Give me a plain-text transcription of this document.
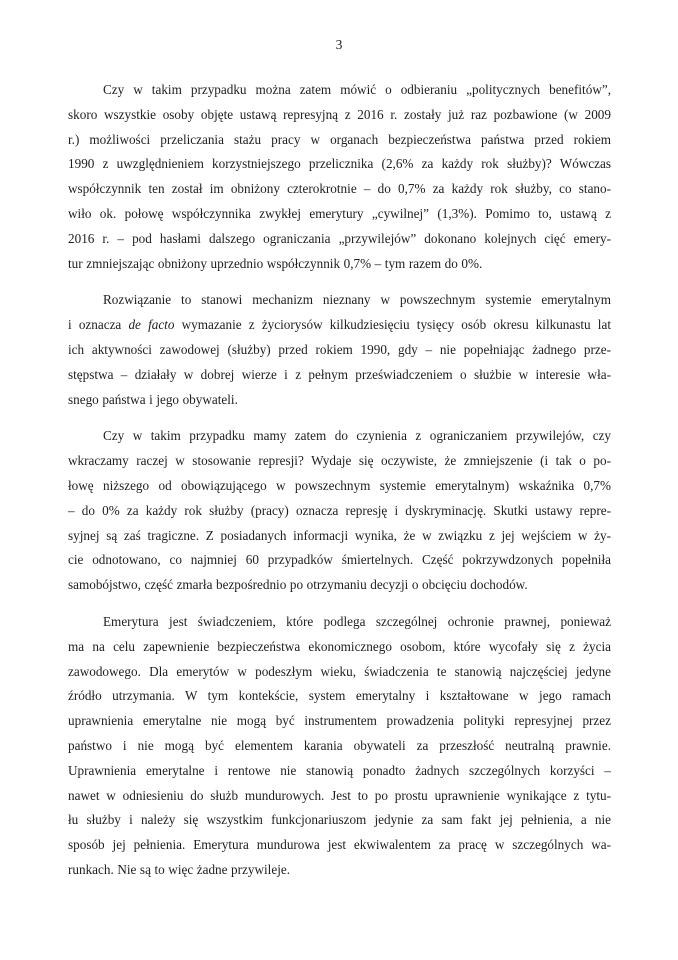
3

Czy w takim przypadku można zatem mówić o odbieraniu „politycznych benefitów”,
skoro wszystkie osoby objęte ustawą represyjną z 2016 r. zostały już raz pozbawione (w 2009
r.) możliwości przeliczania stażu pracy w organach bezpieczeństwa państwa przed rokiem
1990 z uwzględnieniem korzystniejszego przelicznika (2,6% za każdy rok służby)? Wówczas
współczynnik ten został im obniżony czterokrotnie – do 0,7% za każdy rok służby, co stano-
wiło ok. połowę współczynnika zwykłej emerytury „cywilnej” (1,3%). Pomimo to, ustawą z
2016 r. – pod hasłami dalszego ograniczania „przywilejów” dokonano kolejnych cięć emery-
tur zmniejszając obniżony uprzednio współczynnik 0,7% – tym razem do 0%.

Rozwiązanie to stanowi mechanizm nieznany w powszechnym systemie emerytalnym
i oznacza de facto wymazanie z życiorysów kilkudziesięciu tysięcy osób okresu kilkunastu lat
ich aktywności zawodowej (służby) przed rokiem 1990, gdy – nie popełniając żadnego prze-
stępstwa – działały w dobrej wierze i z pełnym przeświadczeniem o służbie w interesie wła-
snego państwa i jego obywateli.

Czy w takim przypadku mamy zatem do czynienia z ograniczaniem przywilejów, czy
wkraczamy raczej w stosowanie represji? Wydaje się oczywiste, że zmniejszenie (i tak o po-
łowę niższego od obowiązującego w powszechnym systemie emerytalnym) wskaźnika 0,7%
– do 0% za każdy rok służby (pracy) oznacza represję i dyskryminację. Skutki ustawy repre-
syjnej są zaś tragiczne. Z posiadanych informacji wynika, że w związku z jej wejściem w ży-
cie odnotowano, co najmniej 60 przypadków śmiertelnych. Część pokrzywdzonych popełniła
samobójstwo, część zmarła bezpośrednio po otrzymaniu decyzji o obcięciu dochodów.

Emerytura jest świadczeniem, które podlega szczególnej ochronie prawnej, ponieważ
ma na celu zapewnienie bezpieczeństwa ekonomicznego osobom, które wycofały się z życia
zawodowego. Dla emerytów w podeszłym wieku, świadczenia te stanowią najczęściej jedyne
źródło utrzymania. W tym kontekście, system emerytalny i kształtowane w jego ramach
uprawnienia emerytalne nie mogą być instrumentem prowadzenia polityki represyjnej przez
państwo i nie mogą być elementem karania obywateli za przeszłość neutralną prawnie.
Uprawnienia emerytalne i rentowe nie stanowią ponadto żadnych szczególnych korzyści –
nawet w odniesieniu do służb mundurowych. Jest to po prostu uprawnienie wynikające z tytu-
łu służby i należy się wszystkim funkcjonariuszom jedynie za sam fakt jej pełnienia, a nie
sposób jej pełnienia. Emerytura mundurowa jest ekwiwalentem za pracę w szczególnych wa-
runkach. Nie są to więc żadne przywileje.
